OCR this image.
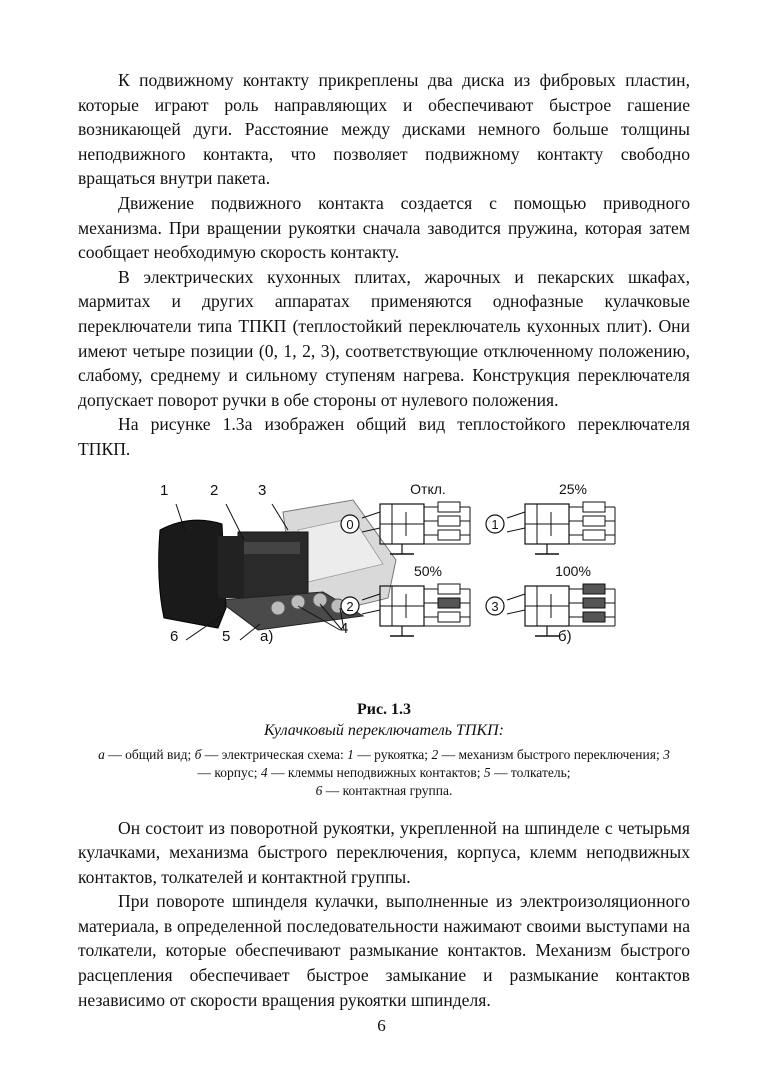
К подвижному контакту прикреплены два диска из фибровых пластин, которые играют роль направляющих и обеспечивают быстрое гашение возникающей дуги. Расстояние между дисками немного больше толщины неподвижного контакта, что позволяет подвижному контакту свободно вращаться внутри пакета.

Движение подвижного контакта создается с помощью приводного механизма. При вращении рукоятки сначала заводится пружина, которая затем сообщает необходимую скорость контакту.

В электрических кухонных плитах, жарочных и пекарских шкафах, мармитах и других аппаратах применяются однофазные кулачковые переключатели типа ТПКП (теплостойкий переключатель кухонных плит). Они имеют четыре позиции (0, 1, 2, 3), соответствующие отключенному положению, слабому, среднему и сильному ступеням нагрева. Конструкция переключателя допускает поворот ручки в обе стороны от нулевого положения.

На рисунке 1.3а изображен общий вид теплостойкого переключателя ТПКП.

1	2	3
4
6	5 а)
Откл.
0
25%
1
50%
2
100%
3
б)
Рис. 1.3
Кулачковый переключатель ТПКП:
а — общий вид; б — электрическая схема: 1 — рукоятка; 2 — механизм быстрого переключения; 3 — корпус; 4 — клеммы неподвижных контактов; 5 — толкатель;
6 — контактная группа.

Он состоит из поворотной рукоятки, укрепленной на шпинделе с четырьмя кулачками, механизма быстрого переключения, корпуса, клемм неподвижных контактов, толкателей и контактной группы.

При повороте шпинделя кулачки, выполненные из электроизоляционного материала, в определенной последовательности нажимают своими выступами на толкатели, которые обеспечивают размыкание контактов. Механизм быстрого расцепления обеспечивает быстрое замыкание и размыкание контактов независимо от скорости вращения рукоятки шпинделя.

6
